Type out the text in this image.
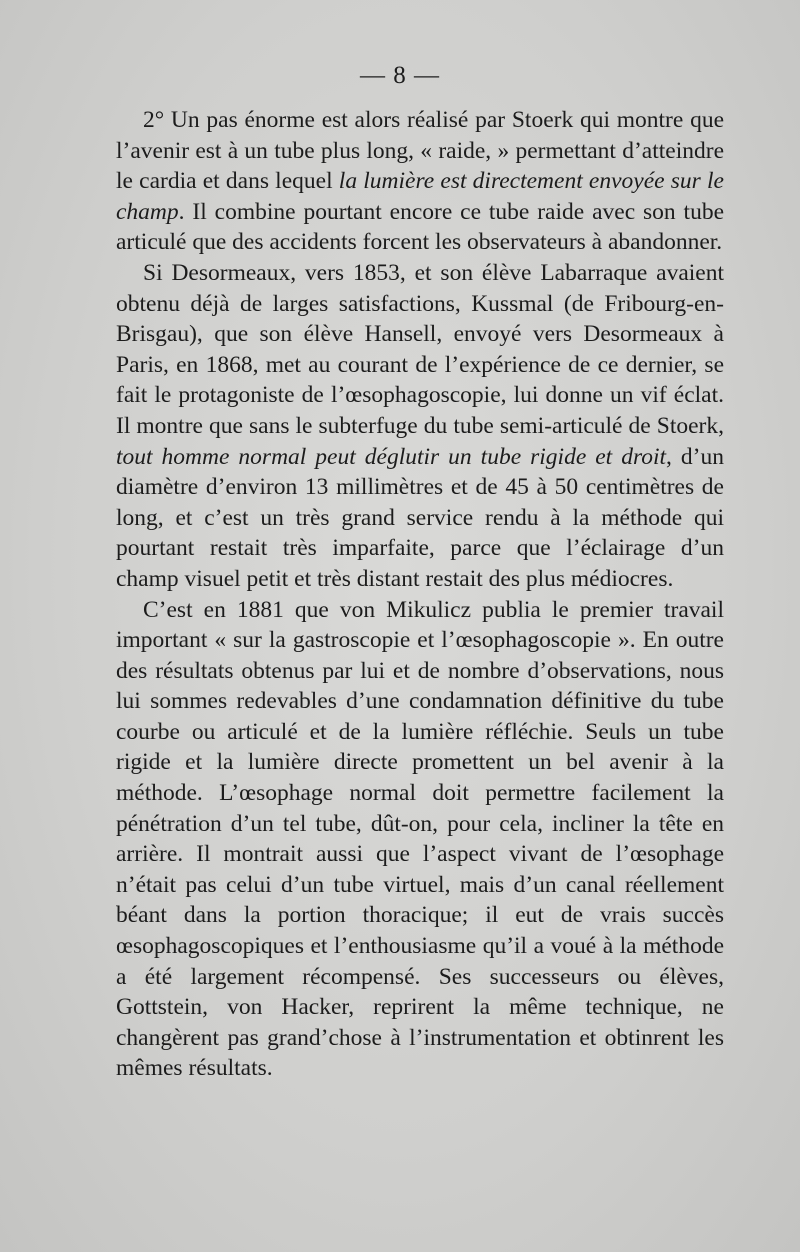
— 8 —

2° Un pas énorme est alors réalisé par Stoerk qui montre que l’avenir est à un tube plus long, « raide, » permettant d’atteindre le cardia et dans lequel la lumière est directement envoyée sur le champ. Il combine pourtant encore ce tube raide avec son tube articulé que des accidents forcent les observateurs à abandonner.

Si Desormeaux, vers 1853, et son élève Labarraque avaient obtenu déjà de larges satisfactions, Kussmal (de Fribourg-en-Brisgau), que son élève Hansell, envoyé vers Desormeaux à Paris, en 1868, met au courant de l’expérience de ce dernier, se fait le protagoniste de l’œsophagoscopie, lui donne un vif éclat. Il montre que sans le subterfuge du tube semi-articulé de Stoerk, tout homme normal peut déglutir un tube rigide et droit, d’un diamètre d’environ 13 millimètres et de 45 à 50 centimètres de long, et c’est un très grand service rendu à la méthode qui pourtant restait très imparfaite, parce que l’éclairage d’un champ visuel petit et très distant restait des plus médiocres.

C’est en 1881 que von Mikulicz publia le premier travail important « sur la gastroscopie et l’œsophagoscopie ». En outre des résultats obtenus par lui et de nombre d’observations, nous lui sommes redevables d’une condamnation définitive du tube courbe ou articulé et de la lumière réfléchie. Seuls un tube rigide et la lumière directe promettent un bel avenir à la méthode. L’œsophage normal doit permettre facilement la pénétration d’un tel tube, dût-on, pour cela, incliner la tête en arrière. Il montrait aussi que l’aspect vivant de l’œsophage n’était pas celui d’un tube virtuel, mais d’un canal réellement béant dans la portion thoracique; il eut de vrais succès œsophagoscopiques et l’enthousiasme qu’il a voué à la méthode a été largement récompensé. Ses successeurs ou élèves, Gottstein, von Hacker, reprirent la même technique, ne changèrent pas grand’chose à l’instrumentation et obtinrent les mêmes résultats.
